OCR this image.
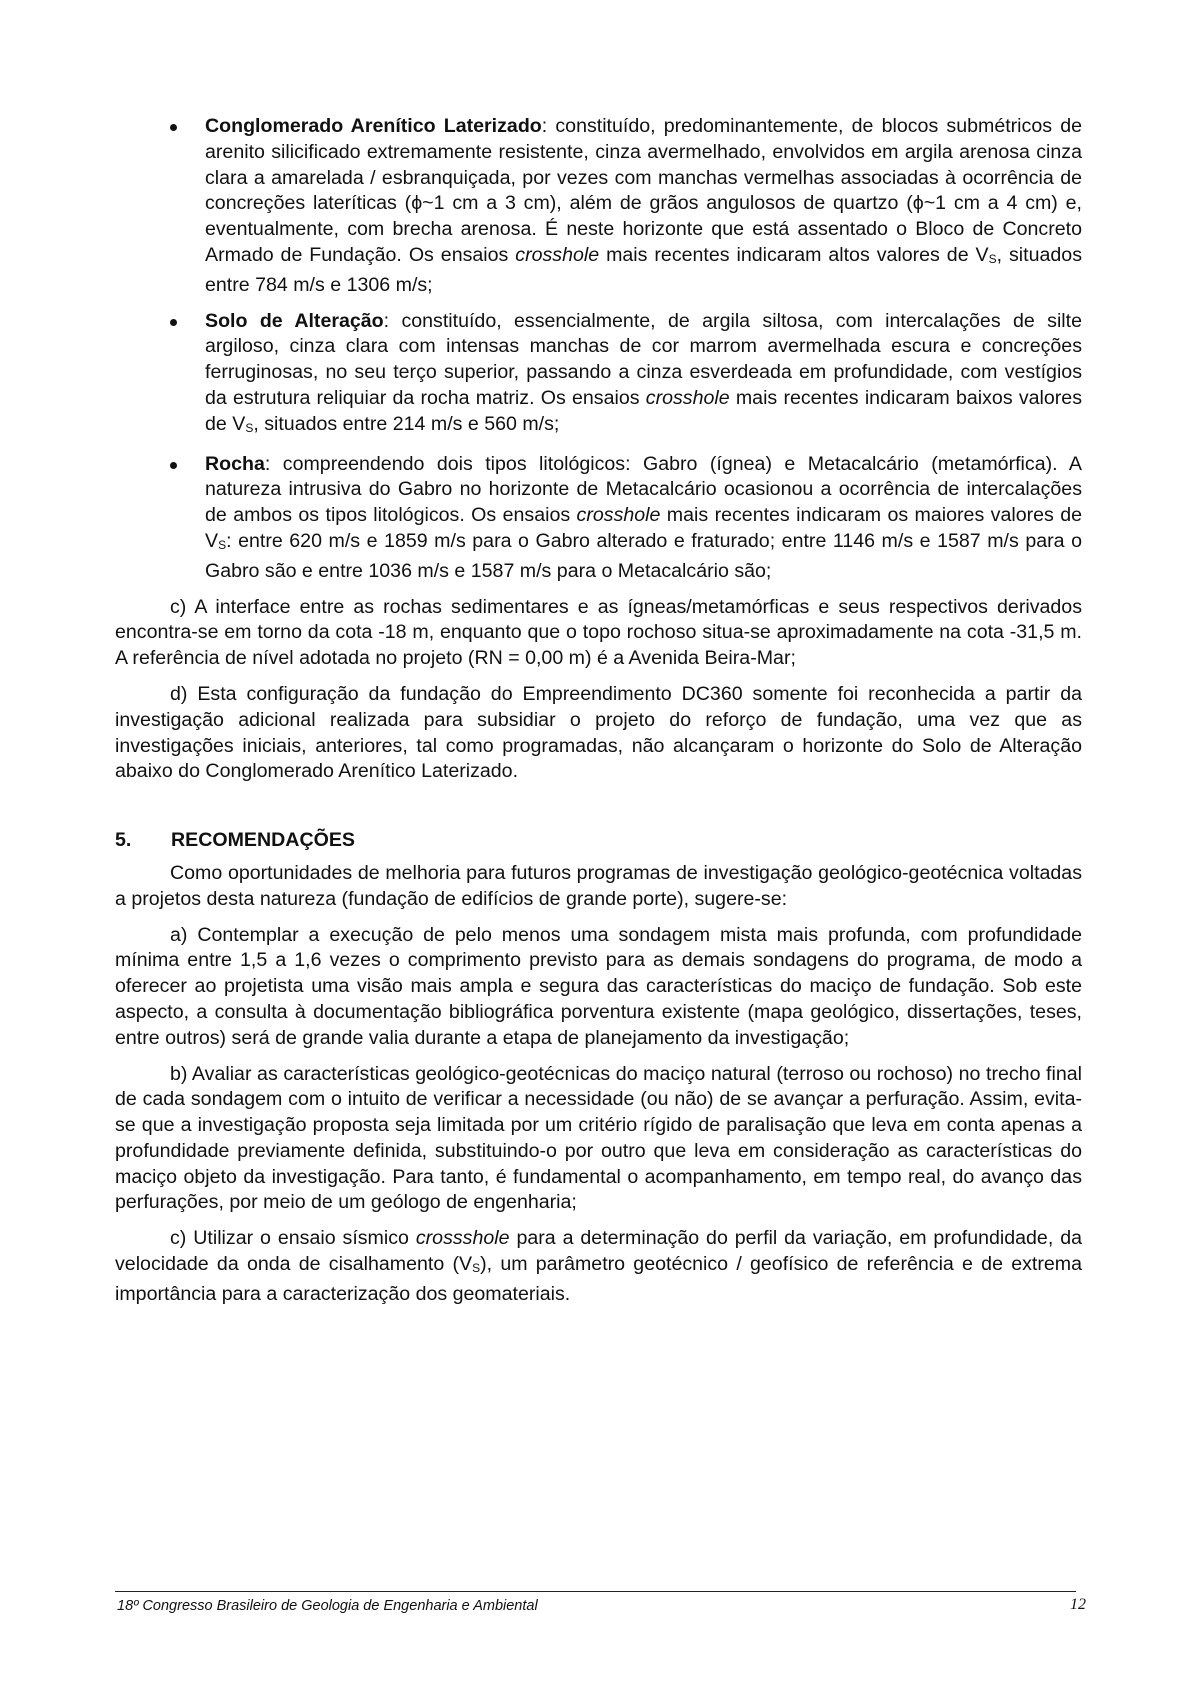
Conglomerado Arenítico Laterizado: constituído, predominantemente, de blocos submétricos de arenito silicificado extremamente resistente, cinza avermelhado, envolvidos em argila arenosa cinza clara a amarelada / esbranquiçada, por vezes com manchas vermelhas associadas à ocorrência de concreções lateríticas (ϕ~1 cm a 3 cm), além de grãos angulosos de quartzo (ϕ~1 cm a 4 cm) e, eventualmente, com brecha arenosa. É neste horizonte que está assentado o Bloco de Concreto Armado de Fundação. Os ensaios crosshole mais recentes indicaram altos valores de $V_S$, situados entre 784 m/s e 1306 m/s;
Solo de Alteração: constituído, essencialmente, de argila siltosa, com intercalações de silte argiloso, cinza clara com intensas manchas de cor marrom avermelhada escura e concreções ferruginosas, no seu terço superior, passando a cinza esverdeada em profundidade, com vestígios da estrutura reliquiar da rocha matriz. Os ensaios crosshole mais recentes indicaram baixos valores de $V_S$, situados entre 214 m/s e 560 m/s;
Rocha: compreendendo dois tipos litológicos: Gabro (ígnea) e Metacalcário (metamórfica). A natureza intrusiva do Gabro no horizonte de Metacalcário ocasionou a ocorrência de intercalações de ambos os tipos litológicos. Os ensaios crosshole mais recentes indicaram os maiores valores de $V_S$: entre 620 m/s e 1859 m/s para o Gabro alterado e fraturado; entre 1146 m/s e 1587 m/s para o Gabro são e entre 1036 m/s e 1587 m/s para o Metacalcário são;

c) A interface entre as rochas sedimentares e as ígneas/metamórficas e seus respectivos derivados encontra-se em torno da cota -18 m, enquanto que o topo rochoso situa-se aproximadamente na cota -31,5 m. A referência de nível adotada no projeto (RN = 0,00 m) é a Avenida Beira-Mar;

d) Esta configuração da fundação do Empreendimento DC360 somente foi reconhecida a partir da investigação adicional realizada para subsidiar o projeto do reforço de fundação, uma vez que as investigações iniciais, anteriores, tal como programadas, não alcançaram o horizonte do Solo de Alteração abaixo do Conglomerado Arenítico Laterizado.

5. RECOMENDAÇÕES

Como oportunidades de melhoria para futuros programas de investigação geológico-geotécnica voltadas a projetos desta natureza (fundação de edifícios de grande porte), sugere-se:

a) Contemplar a execução de pelo menos uma sondagem mista mais profunda, com profundidade mínima entre 1,5 a 1,6 vezes o comprimento previsto para as demais sondagens do programa, de modo a oferecer ao projetista uma visão mais ampla e segura das características do maciço de fundação. Sob este aspecto, a consulta à documentação bibliográfica porventura existente (mapa geológico, dissertações, teses, entre outros) será de grande valia durante a etapa de planejamento da investigação;

b) Avaliar as características geológico-geotécnicas do maciço natural (terroso ou rochoso) no trecho final de cada sondagem com o intuito de verificar a necessidade (ou não) de se avançar a perfuração. Assim, evita-se que a investigação proposta seja limitada por um critério rígido de paralisação que leva em conta apenas a profundidade previamente definida, substituindo-o por outro que leva em consideração as características do maciço objeto da investigação. Para tanto, é fundamental o acompanhamento, em tempo real, do avanço das perfurações, por meio de um geólogo de engenharia;

c) Utilizar o ensaio sísmico crossshole para a determinação do perfil da variação, em profundidade, da velocidade da onda de cisalhamento $(V_S)$, um parâmetro geotécnico / geofísico de referência e de extrema importância para a caracterização dos geomateriais.

18º Congresso Brasileiro de Geologia de Engenharia e Ambiental	12
